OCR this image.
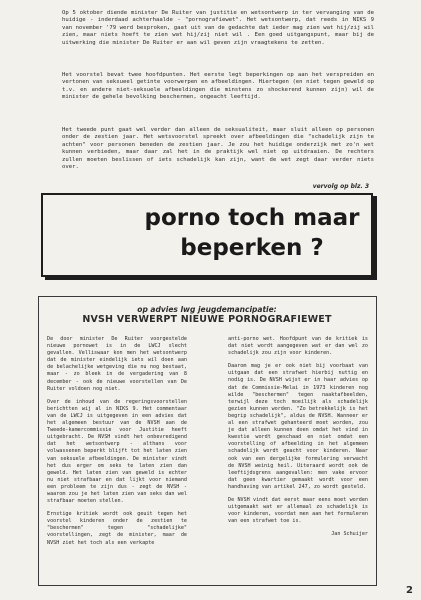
Op 5 oktober diende minister De Ruiter van justitie en wetsontwerp in ter vervanging van de huidige - inderdaad achterhaalde - "pornografiewet". Het wetsontwerp, dat reeds in NIKS 9 van november '79 werd besproken, gaat uit van de gedachte dat ieder mag zien wat hij/zij wil zien, maar niets hoeft te zien wat hij/zij niet wil . Een goed uitgangspunt, maar bij de uitwerking die minister De Ruiter er aan wil geven zijn vraagtekens te zetten.

Het voorstel bevat twee hoofdpunten. Het eerste legt beperkingen op aan het verspreiden en vertonen van seksueel getinte voorwerpen en afbeeldingen. Hiertegen (en niet tegen geweld op t.v. en andere niet-seksuele afbeeldingen die minstens zo shockerend kunnen zijn) wil de minister de gehele bevolking beschermen, ongeacht leeftijd.

Het tweede punt gaat wel verder dan alleen de seksualiteit, maar sluit alleen op personen onder de zestien jaar. Het wetsvoorstel spreekt over afbeeldingen die "schadelijk zijn te achten" voor personen beneden de zestien jaar. Je zou het huidige onderzijk met zo'n wet kunnen verbieden, maar daar zal het in de praktijk wel niet op uitdraaien. De rechters zullen moeten beslissen of iets schadelijk kan zijn, want de wet zegt daar verder niets over.

vervolg op blz. 3
porno toch maar
beperken ?
op advies lwg jeugdemancipatie:
NVSH VERWERPT NIEUWE PORNOGRAFIEWET

De door minister De Ruiter voorgestelde nieuwe pornowet is in de LWCJ slecht gevallen. Velliswaar kon men het wetsontwerp dat de minister eindelijk iets wil doen aan de belachelijke wetgeving die nu nog bestaat, maar - zo bleek in de vergadering van 8 december - ook de nieuwe voorstellen van De Ruiter voldoen nog niet.

Over de inhoud van de regeringsvoorstellen berichtten wij al in NIKS 9. Het commentaar van de LWCJ is uitgegeven in een advies dat het algemeen bestuur van de NVSH aan de Tweede-kamercommissie voor Justitie heeft uitgebracht. De NVSH vindt het onbevredigend dat het wetsontwerp - althans voor volwassenen beperkt blijft tot het laten zien van seksuele afbeeldingen. De minister vindt het dus erger om seks te laten zien dan geweld. Het laten zien van geweld is echter nu niet strafbaar en dat lijkt voor niemand een probleem te zijn dus - zegt de NVSH - waarom zou je het laten zien van seks dan wel strafbaar moeten stellen.

Ernstige kritiek wordt ook geuit tegen het voorstel kinderen onder de zestien te "beschermen" tegen "schadelijke" voorstellingen, zegt de minister, maar de NVSH ziet het toch als een verkapte

anti-porno wet. Hoofdpunt van de kritiek is dat niet wordt aangegeven wat er dan wel zo schadelijk zou zijn voor kinderen.

Daarom mag je er ook niet bij voorbaat van uitgaan dat een strafwet hierbij nuttig en nodig is. De NVSH wijst er in haar advies op dat de Commissie-Melai in 1973 kinderen nog wilde "beschermen" tegen naaktafbeelden, terwijl deze toch moeilijk als schadelijk gezien kunnen worden. "Zo betrekkelijk is het begrip schadelijk", aldus de NVSH. Wanneer er al een strafwet gehanteerd moet worden, zou je dat alleen kunnen doen omdat het vind in kwestie wordt geschaad en niet omdat een voorstelling of afbeelding in het algemeen schadelijk wordt geacht voor kinderen. Naar ook van een dergelijke formulering verwacht de NVSH weinig heil. Uiteraard wordt ook de leeftijdsgrens aangevallen: men vake ervoor dat geen kwartier gemaakt wordt voor een handhaving van artikel 247, zo wordt gesteld.

De NVSH vindt dat eerst maar eens moet worden uitgemaakt wat er allemaal zo schadelijk is voor kinderen, voordat men aan het formuleren van een strafwet toe is.

Jan Schuijer

2
